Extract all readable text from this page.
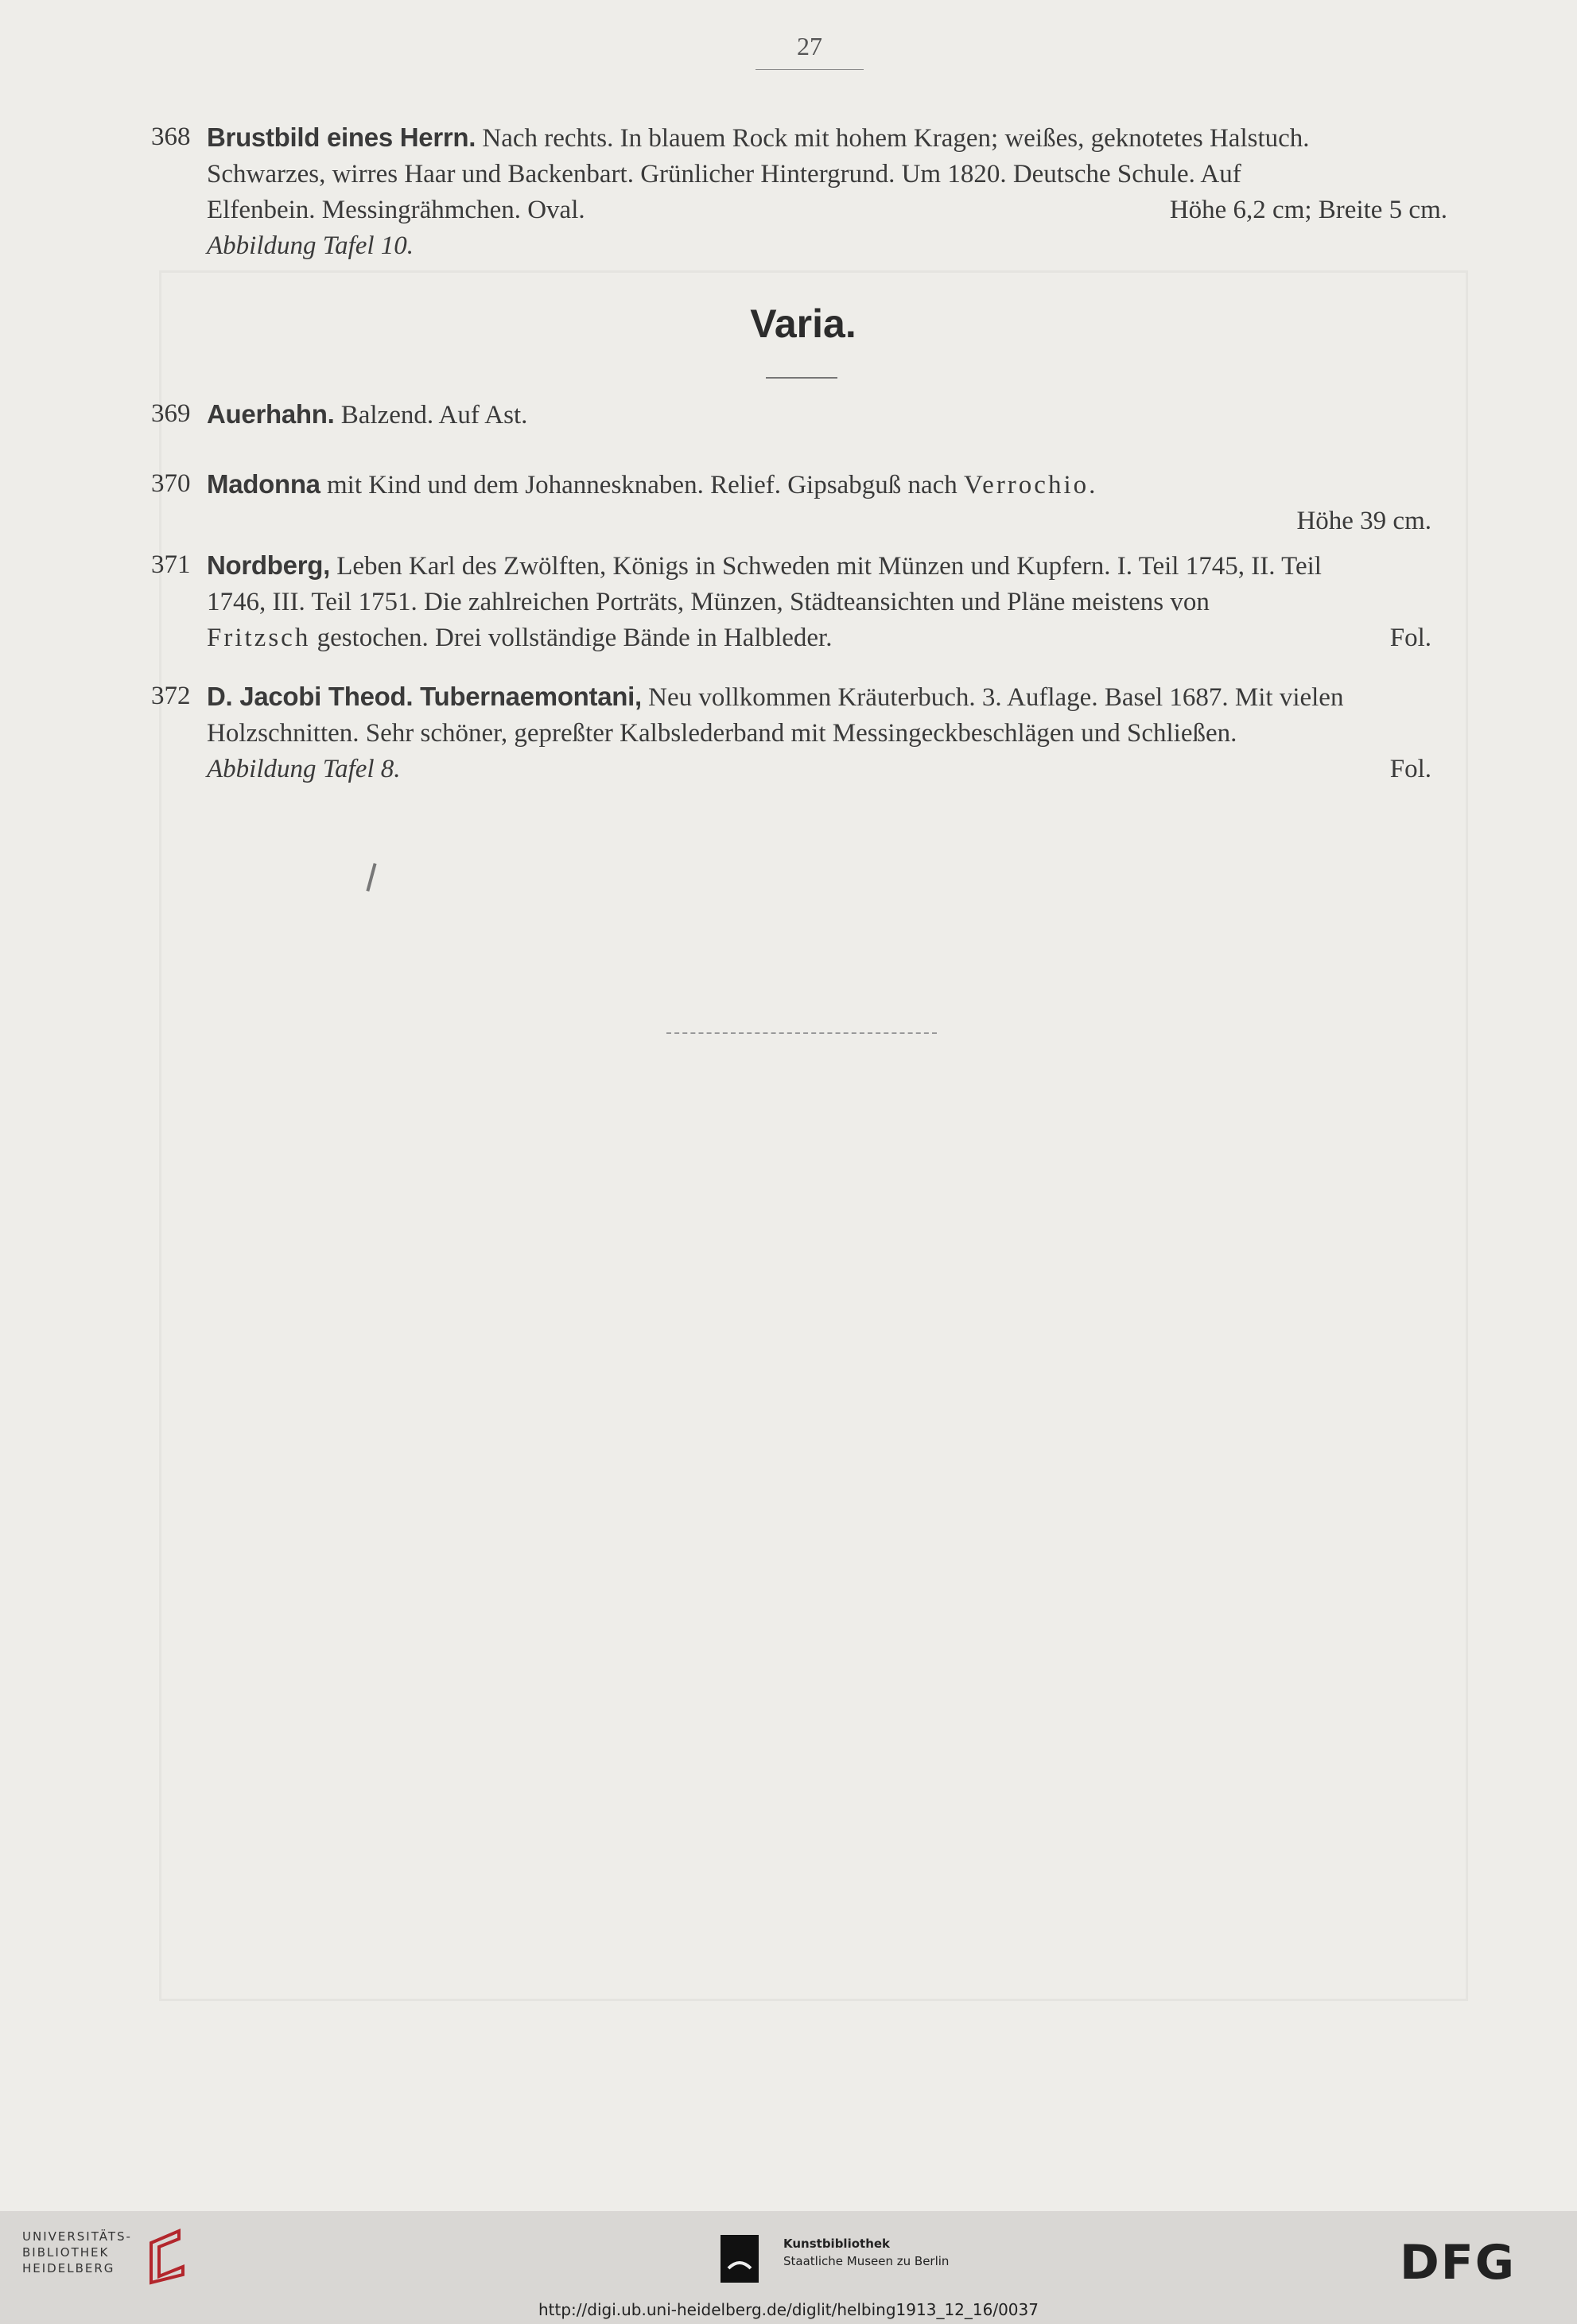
27
368 Brustbild eines Herrn. Nach rechts. In blauem Rock mit hohem Kragen; weißes, geknotetes Halstuch.
Schwarzes, wirres Haar und Backenbart. Grünlicher Hintergrund. Um 1820. Deutsche Schule. Auf
Elfenbein. Messingrähmchen. Oval.	Höhe 6,2 cm; Breite 5 cm.
Abbildung Tafel 10.
Varia.
369 Auerhahn. Balzend. Auf Ast.
370 Madonna mit Kind und dem Johannesknaben. Relief. Gipsabguß nach Verrochio.
Höhe 39 cm.
371 Nordberg, Leben Karl des Zwölften, Königs in Schweden mit Münzen und Kupfern. I. Teil 1745, II. Teil
1746, III. Teil 1751. Die zahlreichen Porträts, Münzen, Städteansichten und Pläne meistens von
Fritzsch gestochen. Drei vollständige Bände in Halbleder.	Fol.
372 D. Jacobi Theod. Tubernaemontani, Neu vollkommen Kräuterbuch. 3. Auflage. Basel 1687. Mit vielen
Holzschnitten. Sehr schöner, gepreßter Kalbslederband mit Messingeckbeschlägen und Schließen.
Abbildung Tafel 8.	Fol.
UNIVERSITÄTS-
BIBLIOTHEK
HEIDELBERG
Kunstbibliothek
Staatliche Museen zu Berlin	DFG
http://digi.ub.uni-heidelberg.de/diglit/helbing1913_12_16/0037
